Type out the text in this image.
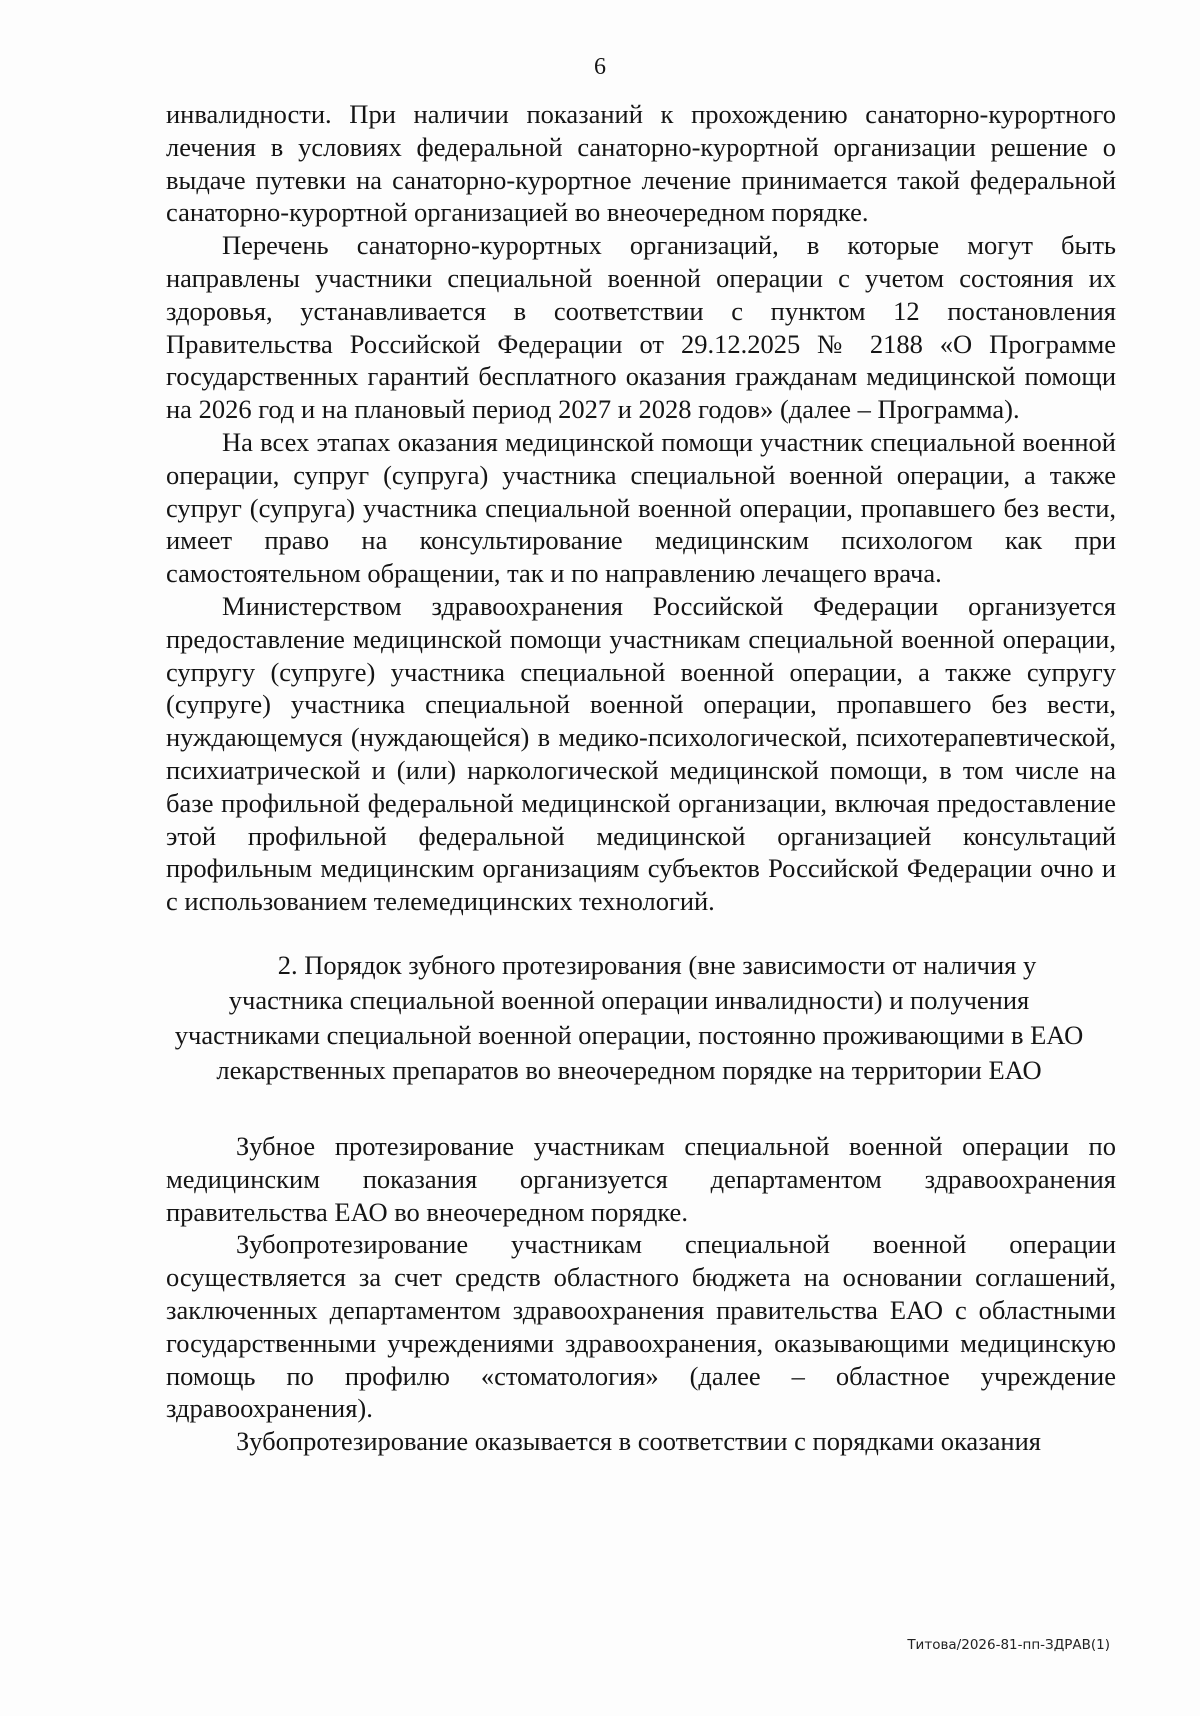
6

инвалидности. При наличии показаний к прохождению санаторно-курортного лечения в условиях федеральной санаторно-курортной организации решение о выдаче путевки на санаторно-курортное лечение принимается такой федеральной санаторно-курортной организацией во внеочередном порядке.

Перечень санаторно-курортных организаций, в которые могут быть направлены участники специальной военной операции с учетом состояния их здоровья, устанавливается в соответствии с пунктом 12 постановления Правительства Российской Федерации от 29.12.2025 № 2188 «О Программе государственных гарантий бесплатного оказания гражданам медицинской помощи на 2026 год и на плановый период 2027 и 2028 годов» (далее – Программа).

На всех этапах оказания медицинской помощи участник специальной военной операции, супруг (супруга) участника специальной военной операции, а также супруг (супруга) участника специальной военной операции, пропавшего без вести, имеет право на консультирование медицинским психологом как при самостоятельном обращении, так и по направлению лечащего врача.

Министерством здравоохранения Российской Федерации организуется предоставление медицинской помощи участникам специальной военной операции, супругу (супруге) участника специальной военной операции, а также супругу (супруге) участника специальной военной операции, пропавшего без вести, нуждающемуся (нуждающейся) в медико-психологической, психотерапевтической, психиатрической и (или) наркологической медицинской помощи, в том числе на базе профильной федеральной медицинской организации, включая предоставление этой профильной федеральной медицинской организацией консультаций профильным медицинским организациям субъектов Российской Федерации очно и с использованием телемедицинских технологий.

2. Порядок зубного протезирования (вне зависимости от наличия у участника специальной военной операции инвалидности) и получения участниками специальной военной операции, постоянно проживающими в ЕАО лекарственных препаратов во внеочередном порядке на территории ЕАО

Зубное протезирование участникам специальной военной операции по медицинским показания организуется департаментом здравоохранения правительства ЕАО во внеочередном порядке.

Зубопротезирование участникам специальной военной операции осуществляется за счет средств областного бюджета на основании соглашений, заключенных департаментом здравоохранения правительства ЕАО с областными государственными учреждениями здравоохранения, оказывающими медицинскую помощь по профилю «стоматология» (далее – областное учреждение здравоохранения).

Зубопротезирование оказывается в соответствии с порядками оказания

Титова/2026-81-пп-ЗДРАВ(1)
